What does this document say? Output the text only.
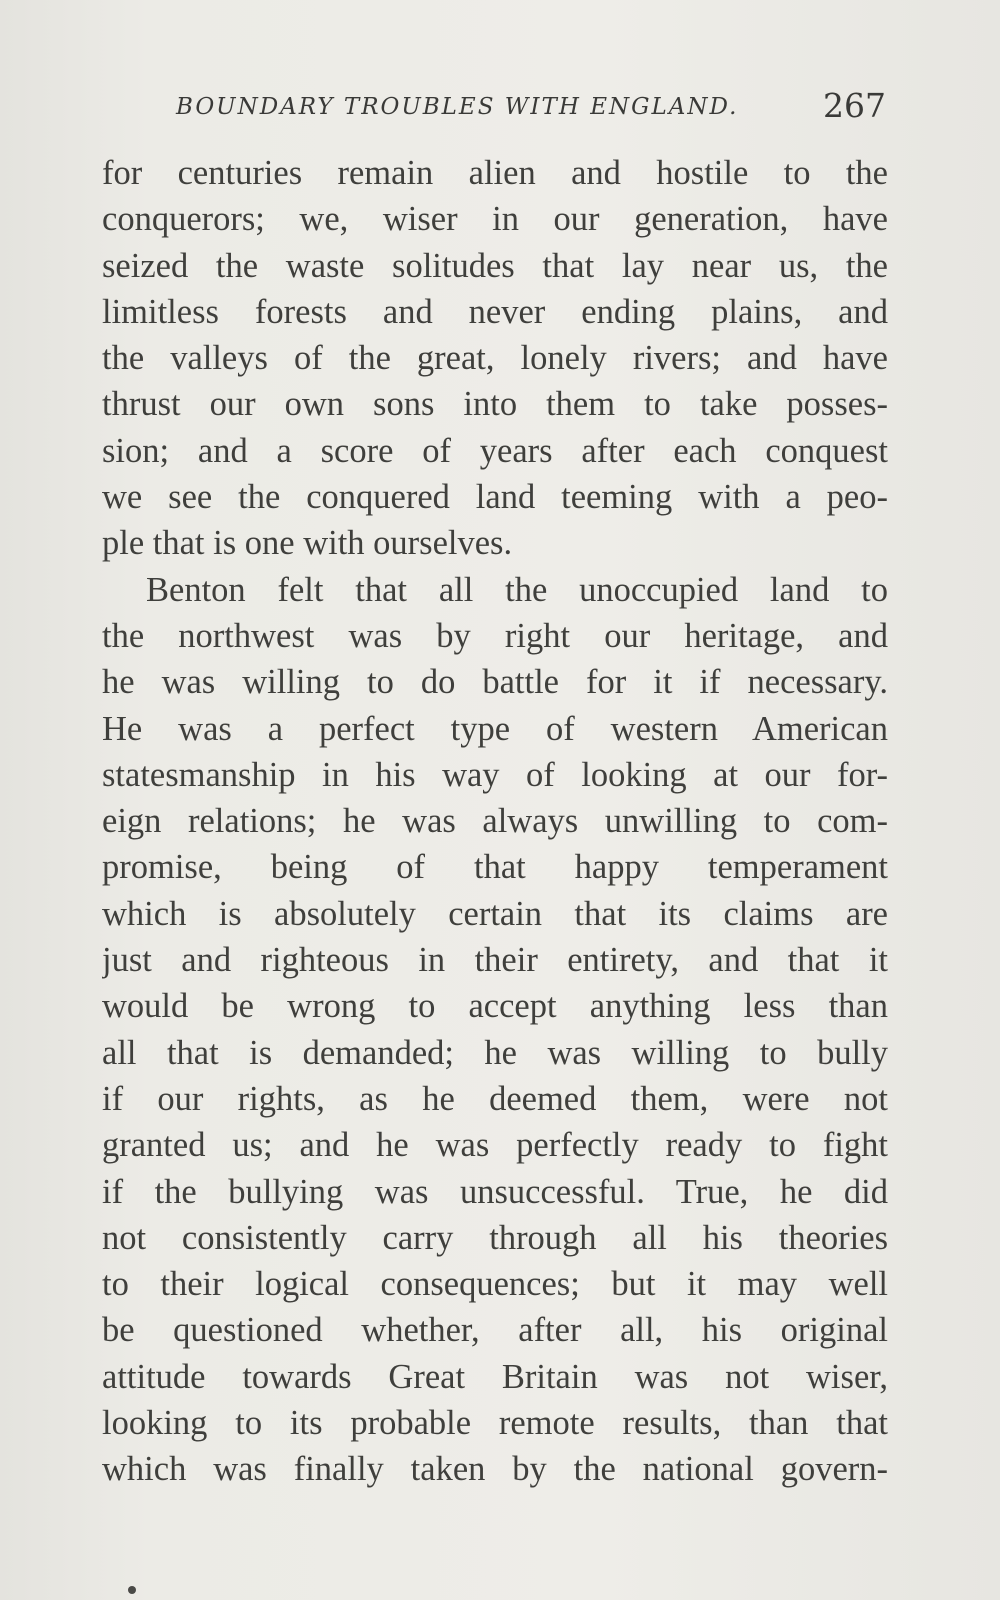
BOUNDARY TROUBLES WITH ENGLAND.	267
for centuries remain alien and hostile to the
conquerors; we, wiser in our generation, have
seized the waste solitudes that lay near us, the
limitless forests and never ending plains, and
the valleys of the great, lonely rivers; and have
thrust our own sons into them to take posses-
sion; and a score of years after each conquest
we see the conquered land teeming with a peo-
ple that is one with ourselves.
Benton felt that all the unoccupied land to
the northwest was by right our heritage, and
he was willing to do battle for it if necessary.
He was a perfect type of western American
statesmanship in his way of looking at our for-
eign relations; he was always unwilling to com-
promise, being of that happy temperament
which is absolutely certain that its claims are
just and righteous in their entirety, and that it
would be wrong to accept anything less than
all that is demanded; he was willing to bully
if our rights, as he deemed them, were not
granted us; and he was perfectly ready to fight
if the bullying was unsuccessful. True, he did
not consistently carry through all his theories
to their logical consequences; but it may well
be questioned whether, after all, his original
attitude towards Great Britain was not wiser,
looking to its probable remote results, than that
which was finally taken by the national govern-
